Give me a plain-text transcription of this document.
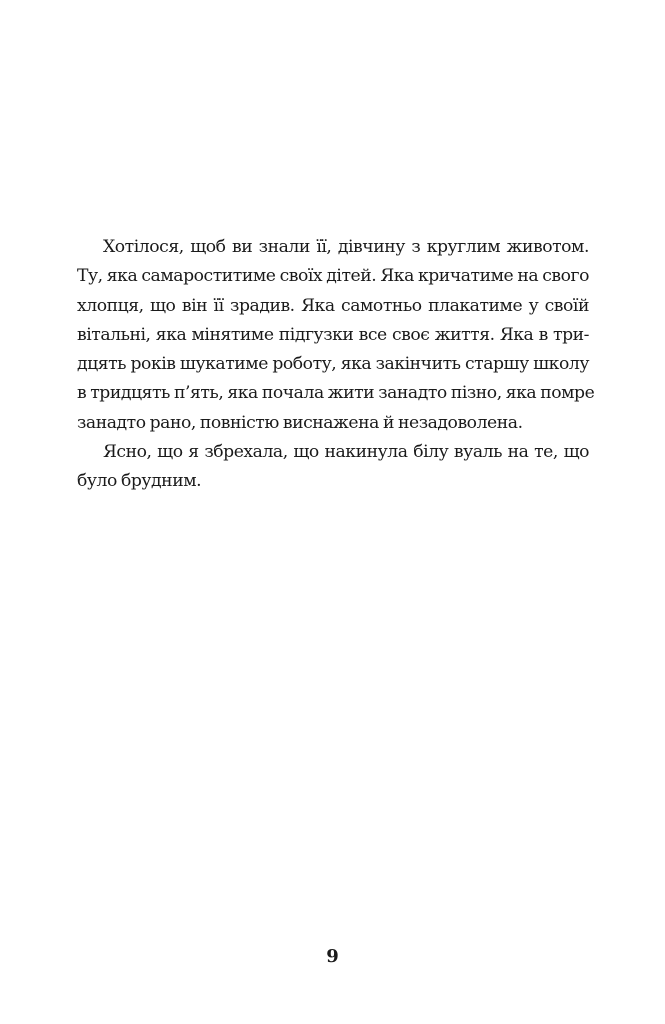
Хотілося, щоб ви знали її, дівчину з круглим животом.
Ту, яка самароститиме своїх дітей. Яка кричатиме на свого
хлопця, що він її зрадив. Яка самотньо плакатиме у своїй
вітальні, яка мінятиме підгузки все своє життя. Яка в три-
дцять років шукатиме роботу, яка закінчить старшу школу
в тридцять п’ять, яка почала жити занадто пізно, яка помре
занадто рано, повністю виснажена й незадоволена.
Ясно, що я збрехала, що накинула білу вуаль на те, що
було брудним.
9
